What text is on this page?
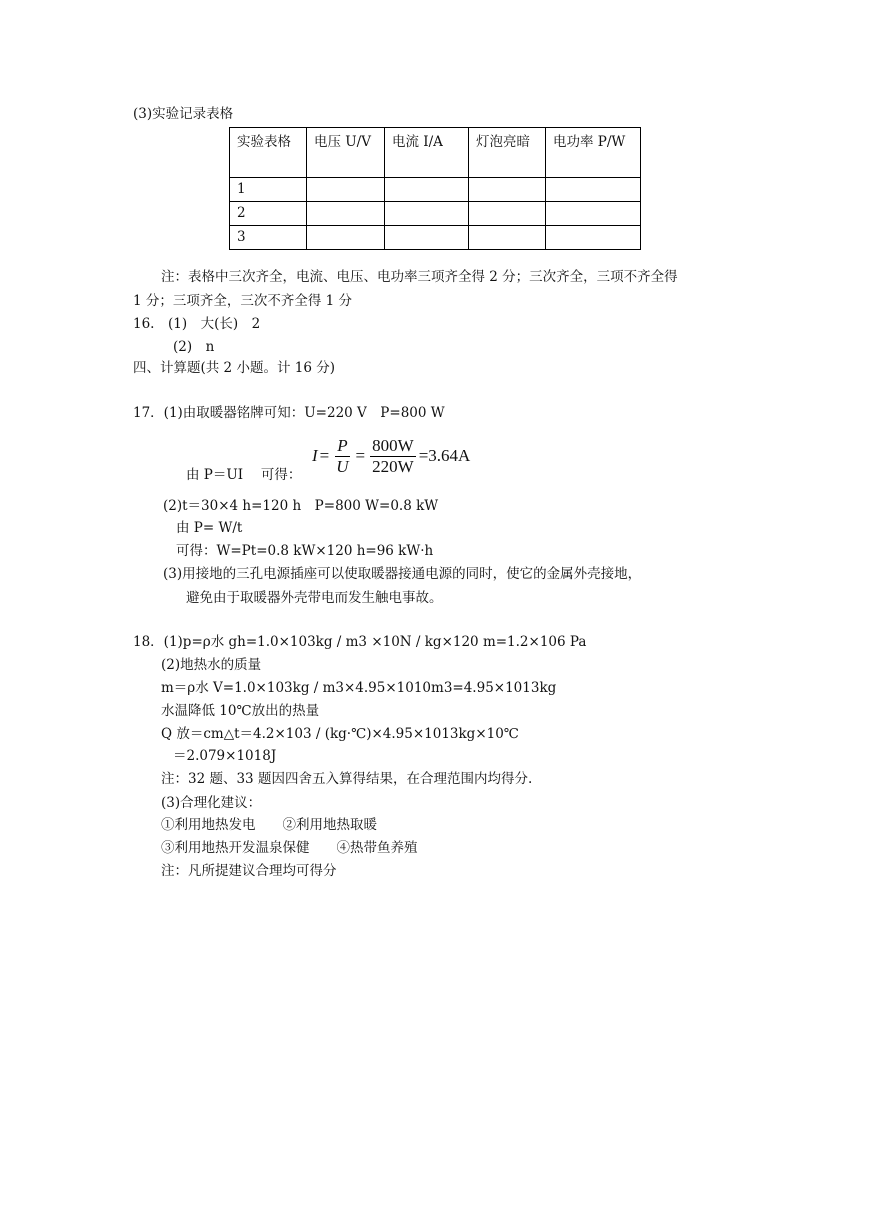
(3)实验记录表格
实验表格	电压 U/V	电流 I/A	灯泡亮暗	电功率 P/W
1				
2				
3				
注：表格中三次齐全，电流、电压、电功率三项齐全得 2 分；三次齐全，三项不齐全得
1 分；三项齐全，三次不齐全得 1 分
16.　(1)　大(长)　2
(2)　n
四、计算题(共 2 小题。计 16 分)
17．(1)由取暖器铭牌可知：U=220 V　P=800 W
由 P＝UI　 可得：
$I = \frac{P}{U} = \frac{800W}{220W} =3.64A$
(2)t＝30×4 h=120 h　P=800 W=0.8 kW
由 P= W/t
可得：W=Pt=0.8 kW×120 h=96 kW·h
(3)用接地的三孔电源插座可以使取暖器接通电源的同时，使它的金属外壳接地，
避免由于取暖器外壳带电而发生触电事故。
18．(1)p=ρ水 gh=1.0×103kg / m3 ×10N / kg×120 m=1.2×106 Pa
(2)地热水的质量
m＝ρ水 V=1.0×103kg / m3×4.95×1010m3=4.95×1013kg
水温降低 10℃放出的热量
Q 放＝cm△t＝4.2×103 / (kg·℃)×4.95×1013kg×10℃
＝2.079×1018J
注：32 题、33 题因四舍五入算得结果，在合理范围内均得分.
(3)合理化建议：
①利用地热发电　　②利用地热取暖
③利用地热开发温泉保健　　④热带鱼养殖
注：凡所提建议合理均可得分
